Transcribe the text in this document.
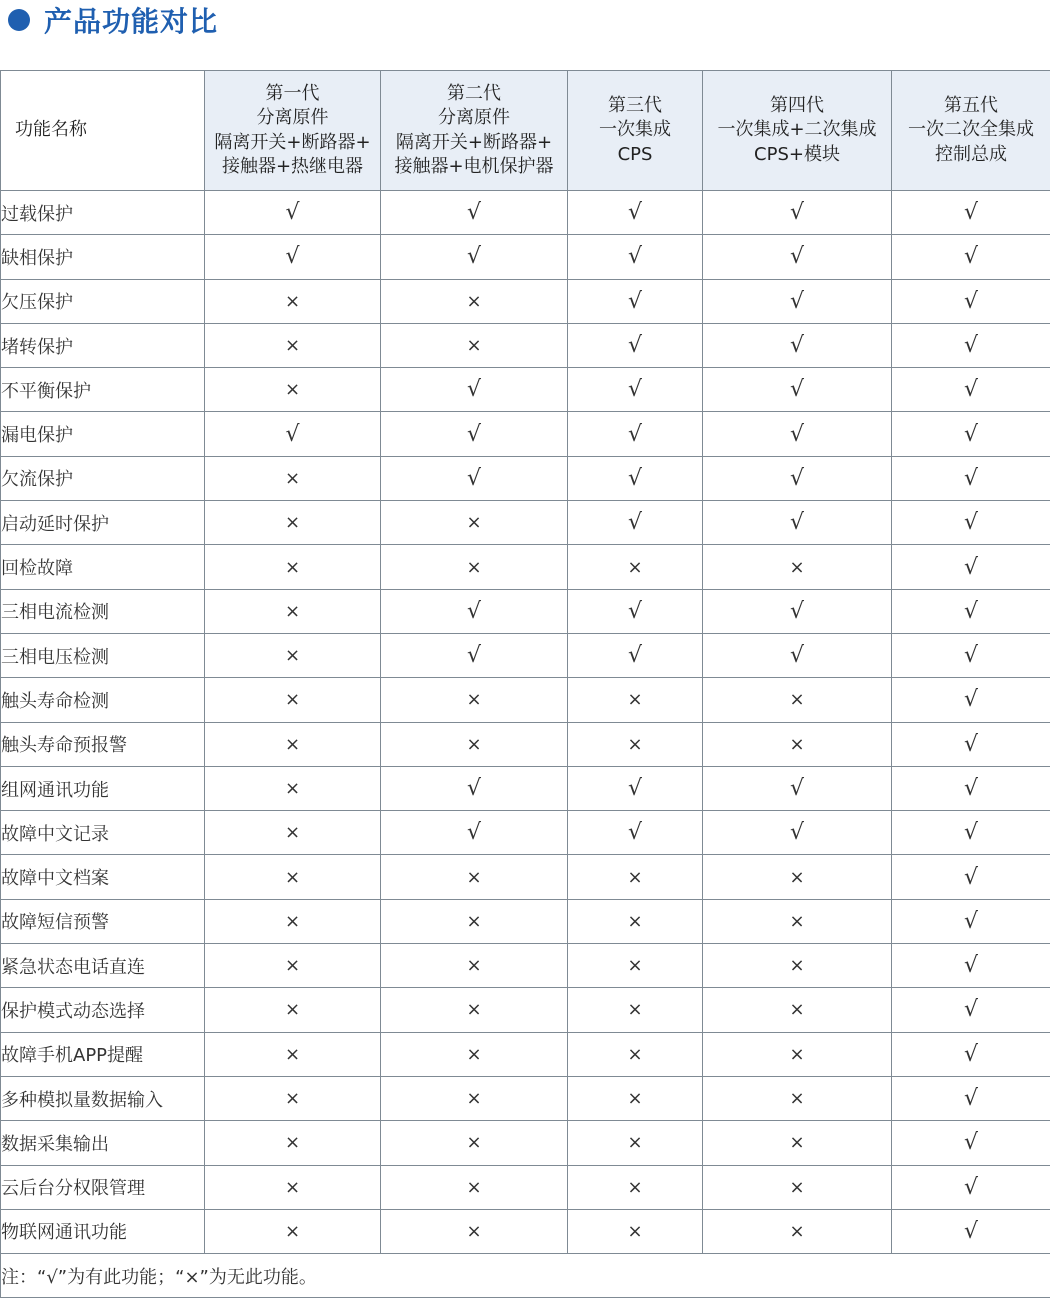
产品功能对比
功能名称	第一代
分离原件
隔离开关+断路器+
接触器+热继电器	第二代
分离原件
隔离开关+断路器+
接触器+电机保护器	第三代
一次集成
CPS	第四代
一次集成+二次集成
CPS+模块	第五代
一次二次全集成
控制总成

过载保护	√	√	√	√	√
缺相保护	√	√	√	√	√
欠压保护	×	×	√	√	√
堵转保护	×	×	√	√	√
不平衡保护	×	√	√	√	√
漏电保护	√	√	√	√	√
欠流保护	×	√	√	√	√
启动延时保护	×	×	√	√	√
回检故障	×	×	×	×	√
三相电流检测	×	√	√	√	√
三相电压检测	×	√	√	√	√
触头寿命检测	×	×	×	×	√
触头寿命预报警	×	×	×	×	√
组网通讯功能	×	√	√	√	√
故障中文记录	×	√	√	√	√
故障中文档案	×	×	×	×	√
故障短信预警	×	×	×	×	√
紧急状态电话直连	×	×	×	×	√
保护模式动态选择	×	×	×	×	√
故障手机APP提醒	×	×	×	×	√
多种模拟量数据输入	×	×	×	×	√
数据采集输出	×	×	×	×	√
云后台分权限管理	×	×	×	×	√
物联网通讯功能	×	×	×	×	√
注：“√”为有此功能；“×”为无此功能。					
